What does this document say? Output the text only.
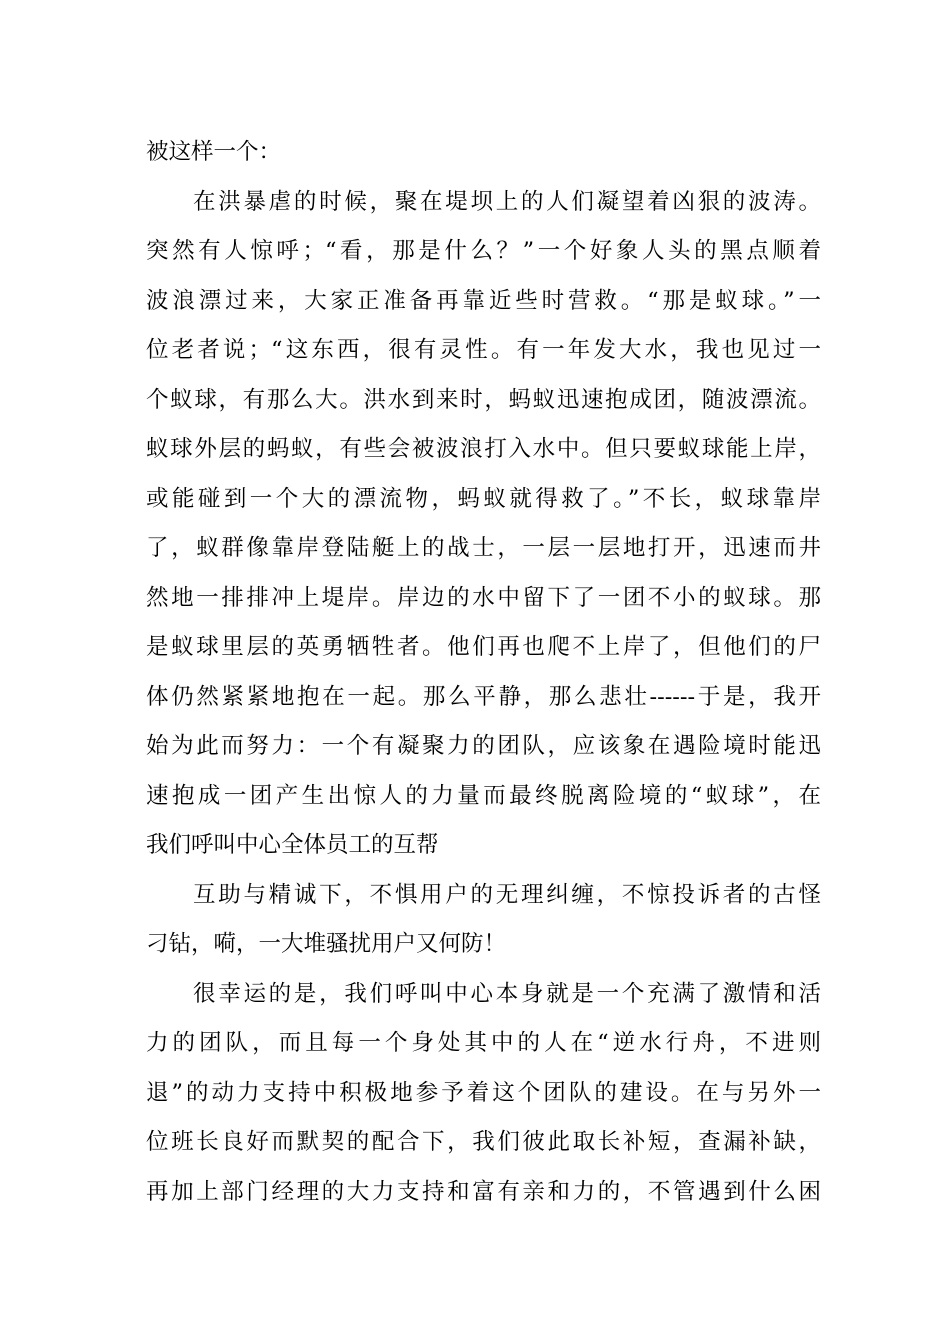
被这样一个：
在洪暴虐的时候，聚在堤坝上的人们凝望着凶狠的波涛。
突然有人惊呼；“看，那是什么？”一个好象人头的黑点顺着
波浪漂过来，大家正准备再靠近些时营救。“那是蚁球。”一
位老者说；“这东西，很有灵性。有一年发大水，我也见过一
个蚁球，有那么大。洪水到来时，蚂蚁迅速抱成团，随波漂流。
蚁球外层的蚂蚁，有些会被波浪打入水中。但只要蚁球能上岸，
或能碰到一个大的漂流物，蚂蚁就得救了。”不长，蚁球靠岸
了，蚁群像靠岸登陆艇上的战士，一层一层地打开，迅速而井
然地一排排冲上堤岸。岸边的水中留下了一团不小的蚁球。那
是蚁球里层的英勇牺牲者。他们再也爬不上岸了，但他们的尸
体仍然紧紧地抱在一起。那么平静，那么悲壮------于是，我开
始为此而努力：一个有凝聚力的团队，应该象在遇险境时能迅
速抱成一团产生出惊人的力量而最终脱离险境的“蚁球”，在
我们呼叫中心全体员工的互帮
互助与精诚下，不惧用户的无理纠缠，不惊投诉者的古怪
刁钻，嗬，一大堆骚扰用户又何防！
很幸运的是，我们呼叫中心本身就是一个充满了激情和活
力的团队，而且每一个身处其中的人在“逆水行舟，不进则
退”的动力支持中积极地参予着这个团队的建设。在与另外一
位班长良好而默契的配合下，我们彼此取长补短，查漏补缺，
再加上部门经理的大力支持和富有亲和力的，不管遇到什么困
